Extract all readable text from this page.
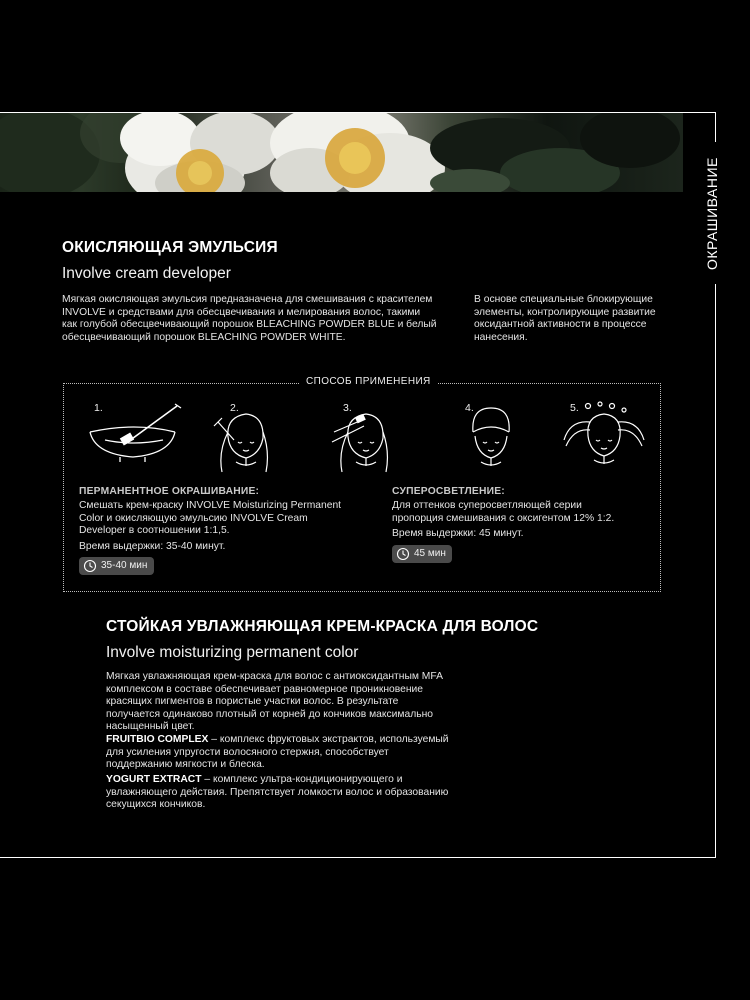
ОКРАШИВАНИЕ
ОКИСЛЯЮЩАЯ ЭМУЛЬСИЯ
Involve cream developer
Мягкая окисляющая эмульсия предназначена для смешивания с красителем
INVOLVE и средствами для обесцвечивания и мелирования волос, такими
как голубой обесцвечивающий порошок BLEACHING POWDER BLUE и белый
обесцвечивающий порошок BLEACHING POWDER WHITE.
В основе специальные блокирующие
элементы, контролирующие развитие
оксидантной активности в процессе
нанесения.
СПОСОБ ПРИМЕНЕНИЯ
1.	2.	3.	4.	5.
ПЕРМАНЕНТНОЕ ОКРАШИВАНИЕ:
Смешать крем-краску INVOLVE Moisturizing Permanent
Color и окисляющую эмульсию INVOLVE Cream
Developer в соотношении 1:1,5.
Время выдержки: 35-40 минут.
35-40 мин
СУПЕРОСВЕТЛЕНИЕ:
Для оттенков суперосветляющей серии
пропорция смешивания с оксигентом 12% 1:2.
Время выдержки: 45 минут.
45 мин
СТОЙКАЯ УВЛАЖНЯЮЩАЯ КРЕМ-КРАСКА ДЛЯ ВОЛОС
Involve moisturizing permanent color
Мягкая увлажняющая крем-краска для волос с антиоксидантным MFA
комплексом в составе обеспечивает равномерное проникновение
красящих пигментов в пористые участки волос. В результате
получается одинаково плотный от корней до кончиков максимально
насыщенный цвет.
FRUITBIO COMPLEX – комплекс фруктовых экстрактов, используемый
для усиления упругости волосяного стержня, способствует
поддержанию мягкости и блеска.
YOGURT EXTRACT – комплекс ультра-кондиционирующего и
увлажняющего действия. Препятствует ломкости волос и образованию
секущихся кончиков.
